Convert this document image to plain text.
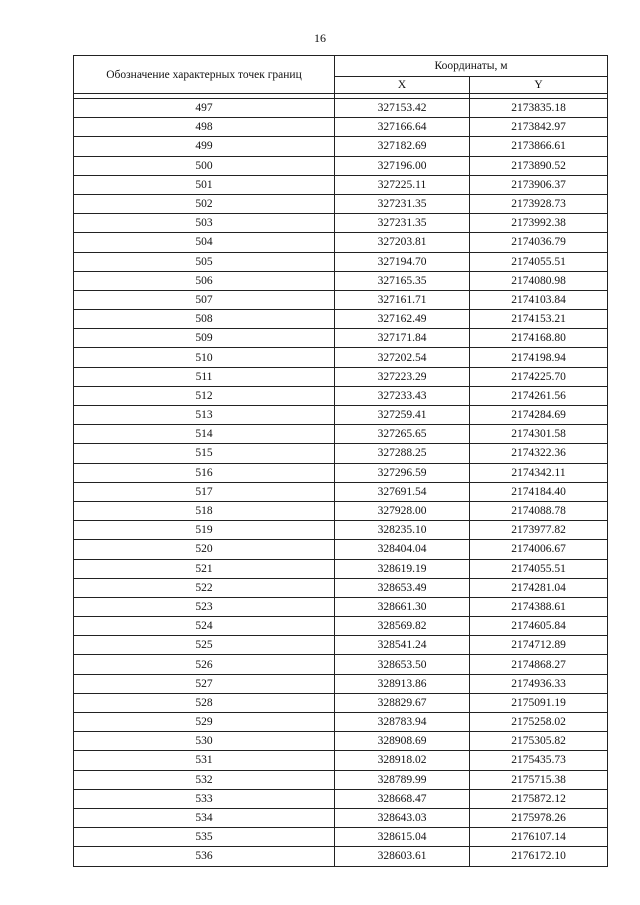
16
Обозначение характерных точек границ	Координаты, м	
	X	Y

497	327153.42	2173835.18
498	327166.64	2173842.97
499	327182.69	2173866.61
500	327196.00	2173890.52
501	327225.11	2173906.37
502	327231.35	2173928.73
503	327231.35	2173992.38
504	327203.81	2174036.79
505	327194.70	2174055.51
506	327165.35	2174080.98
507	327161.71	2174103.84
508	327162.49	2174153.21
509	327171.84	2174168.80
510	327202.54	2174198.94
511	327223.29	2174225.70
512	327233.43	2174261.56
513	327259.41	2174284.69
514	327265.65	2174301.58
515	327288.25	2174322.36
516	327296.59	2174342.11
517	327691.54	2174184.40
518	327928.00	2174088.78
519	328235.10	2173977.82
520	328404.04	2174006.67
521	328619.19	2174055.51
522	328653.49	2174281.04
523	328661.30	2174388.61
524	328569.82	2174605.84
525	328541.24	2174712.89
526	328653.50	2174868.27
527	328913.86	2174936.33
528	328829.67	2175091.19
529	328783.94	2175258.02
530	328908.69	2175305.82
531	328918.02	2175435.73
532	328789.99	2175715.38
533	328668.47	2175872.12
534	328643.03	2175978.26
535	328615.04	2176107.14
536	328603.61	2176172.10
